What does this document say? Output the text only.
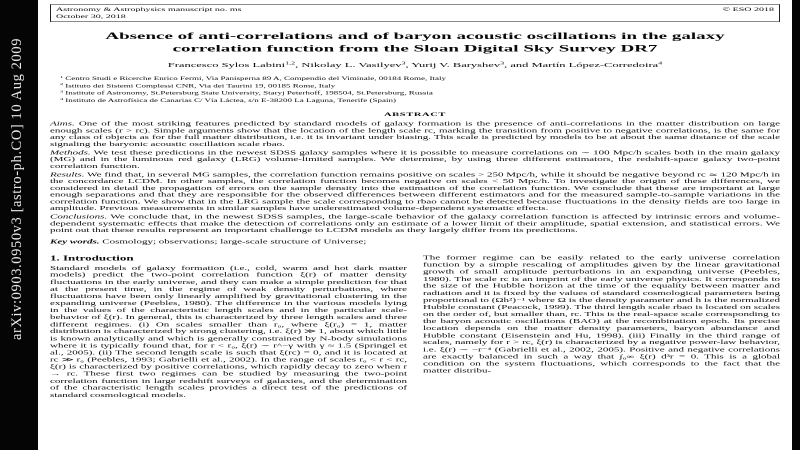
arXiv:0903.0950v3 [astro-ph.CO] 10 Aug 2009
Astronomy & Astrophysics manuscript no. ms	© ESO 2018
October 30, 2018
Absence of anti-correlations and of baryon acoustic oscillations in the galaxy correlation function from the Sloan Digital Sky Survey DR7
Francesco Sylos Labini$^{1,2}$, Nikolay L. Vasilyev$^3$, Yurij V. Baryshev$^3$, and Martín López-Corredoira$^4$
$^1$ Centro Studi e Ricerche Enrico Fermi, Via Panisperna 89 A, Compendio del Viminale, 00184 Rome, Italy
$^2$ Istituto dei Sistemi Complessi CNR, Via dei Taurini 19, 00185 Rome, Italy
$^3$ Institute of Astronomy, St.Petersburg State University, Staryj Peterhoff, 198504, St.Petersburg, Russia
$^4$ Instituto de Astrofísica de Canarias C/ Vía Láctea, s/n E-38200 La Laguna, Tenerife (Spain)
ABSTRACT

Aims. One of the most striking features predicted by standard models of galaxy formation is the presence of anti-correlations in the matter distribution on large enough scales (r > rc). Simple arguments show that the location of the length scale rc, marking the transition from positive to negative correlations, is the same for any class of objects as for the full matter distribution, i.e. it is invariant under biasing. This scale is predicted by models to be at about the same distance of the scale signaling the baryonic acoustic oscillation scale rbao.

Methods. We test these predictions in the newest SDSS galaxy samples where it is possible to measure correlations on ∼ 100 Mpc/h scales both in the main galaxy (MG) and in the luminous red galaxy (LRG) volume-limited samples. We determine, by using three different estimators, the redshift-space galaxy two-point correlation function.

Results. We find that, in several MG samples, the correlation function remains positive on scales > 250 Mpc/h, while it should be negative beyond rc ≃ 120 Mpc/h in the concordance LCDM. In other samples, the correlation function becomes negative on scales < 50 Mpc/h. To investigate the origin of these differences, we considered in detail the propagation of errors on the sample density into the estimation of the correlation function. We conclude that these are important at large enough separations and that they are responsible for the observed differences between different estimators and for the measured sample-to-sample variations in the correlation function. We show that in the LRG sample the scale corresponding to rbao cannot be detected because fluctuations in the density fields are too large in amplitude. Previous measurements in similar samples have underestimated volume-dependent systematic effects.

Conclusions. We conclude that, in the newest SDSS samples, the large-scale behavior of the galaxy correlation function is affected by intrinsic errors and volume-dependent systematic effects that make the detection of correlations only an estimate of a lower limit of their amplitude, spatial extension, and statistical errors. We point out that these results represent an important challenge to LCDM models as they largely differ from its predictions.

Key words. Cosmology; observations; large-scale structure of Universe;

1. Introduction

Standard models of galaxy formation (i.e., cold, warm and hot dark matter models) predict the two-point correlation function ξ(r) of matter density fluctuations in the early universe, and they can make a simple prediction for that at the present time, in the regime of weak density perturbations, where fluctuations have been only linearly amplified by gravitational clustering in the expanding universe (Peebles, 1980). The difference in the various models lying in the values of the characteristic length scales and in the particular scale-behavior of ξ(r). In general, this is characterized by three length scales and three different regimes. (i) On scales smaller than r₀, where ξ(r₀) = 1, matter distribution is characterized by strong clustering, i.e. ξ(r) ≫ 1, about which little is known analytically and which is generally constrained by N-body simulations where it is typically found that, for r < r₀, ξ(r) ∼ r^−γ with γ ≈ 1.5 (Springel et al., 2005). (ii) The second length scale is such that ξ(rc) = 0, and it is located at rc ≫ r₀ (Peebles, 1993; Gabrielli et al., 2002). In the range of scales r₀ < r < rc, ξ(r) is characterized by positive correlations, which rapidly decay to zero when r → rc. These first two regimes can be studied by measuring the two-point correlation function in large redshift surveys of galaxies, and the determination of the characteristic length scales provides a direct test of the predictions of standard cosmological models.

The former regime can be easily related to the early universe correlation function by a simple rescaling of amplitudes given by the linear gravitational growth of small amplitude perturbations in an expanding universe (Peebles, 1980). The scale rc is an imprint of the early universe physics. It corresponds to the size of the Hubble horizon at the time of the equality between matter and radiation and it is fixed by the values of standard cosmological parameters being proportional to (Ωh²)⁻¹ where Ω is the density parameter and h is the normalized Hubble constant (Peacock, 1999). The third length scale rbao is located on scales on the order of, but smaller than, rc. This is the real-space scale corresponding to the baryon acoustic oscillations (BAO) at the recombination epoch. Its precise location depends on the matter density parameters, baryon abundance and Hubble constant (Eisenstein and Hu, 1998). (iii) Finally in the third range of scales, namely for r > rc, ξ(r) is characterized by a negative power-law behavior, i.e. ξ(r) ∼ −r⁻⁴ (Gabrielli et al., 2002, 2005). Positive and negative correlations are exactly balanced in such a way that ∫₀∞ ξ(r) d³r = 0. This is a global condition on the system fluctuations, which corresponds to the fact that the matter distribu-
